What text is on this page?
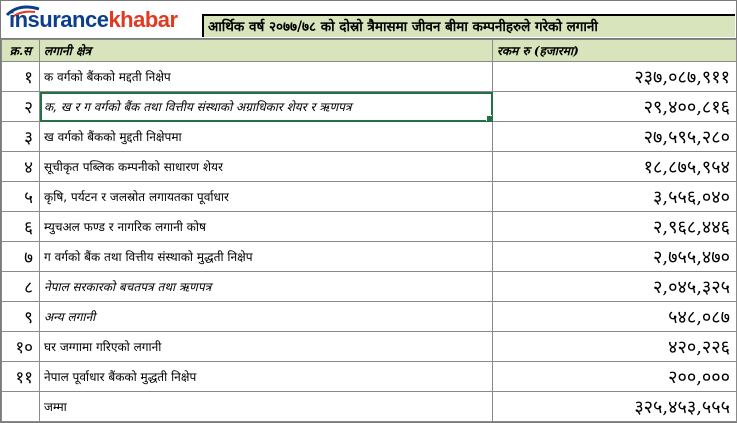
insurancekhabar	आर्थिक वर्ष २०७७/७८ को दोस्रो त्रैमासमा जीवन बीमा कम्पनीहरुले गरेको लगानी
क्र.स	लगानी क्षेत्र	रकम रु (हजारमा)
१	क वर्गको बैंकको मद्दती निक्षेप	२३७,०८७,९११
२	क, ख र ग वर्गको बैंक तथा वित्तीय संस्थाको अग्राधिकार शेयर र ऋणपत्र	२९,४००,८१६
३	ख वर्गको बैंकको मुद्दती निक्षेपमा	२७,५९५,२८०
४	सूचीकृत पब्लिक कम्पनीको साधारण शेयर	१८,८७५,९५४
५	कृषि, पर्यटन र जलस्रोत लगायतका पूर्वाधार	३,५५६,०४०
६	म्युचअल फण्ड र नागरिक लगानी कोष	२,९६८,४४६
७	ग वर्गको बैंक तथा वित्तीय संस्थाको मुद्धती निक्षेप	२,७५५,४७०
८	नेपाल सरकारको बचतपत्र तथा ऋणपत्र	२,०४५,३२५
९	अन्य लगानी	५४८,०८७
१०	घर जग्गामा गरिएको लगानी	४२०,२२६
११	नेपाल पूर्वाधार बैंकको मुद्धती निक्षेप	२००,०००
	जम्मा	३२५,४५३,५५५
